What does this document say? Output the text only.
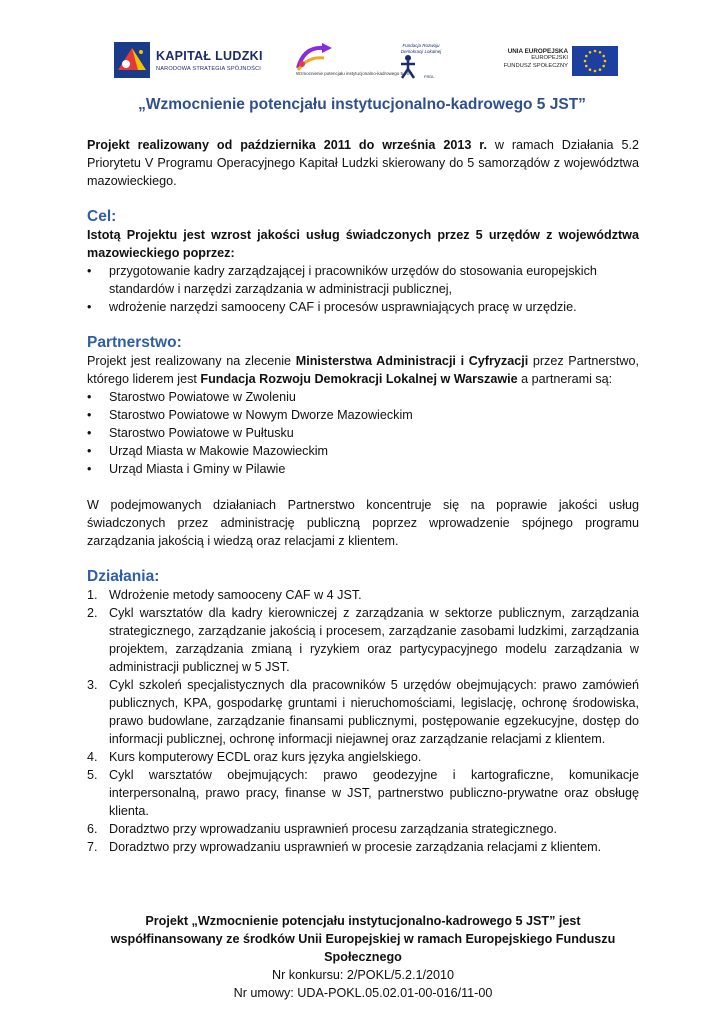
KAPITAŁ LUDZKI
NARODOWA STRATEGIA SPÓJNOŚCI
Wzmocnienie potencjału instytucjonalno-kadrowego 5 JST
Fundacja Rozwoju Demokracji Lokalnej
FRDL
UNIA EUROPEJSKA
EUROPEJSKI
FUNDUSZ SPOŁECZNY
„Wzmocnienie potencjału instytucjonalno-kadrowego 5 JST”

Projekt realizowany od października 2011 do września 2013 r. w ramach Działania 5.2 Priorytetu V Programu Operacyjnego Kapitał Ludzki skierowany do 5 samorządów z województwa mazowieckiego.

Cel:

Istotą Projektu jest wzrost jakości usług świadczonych przez 5 urzędów z województwa mazowieckiego poprzez:

• przygotowanie kadry zarządzającej i pracowników urzędów do stosowania europejskich standardów i narzędzi zarządzania w administracji publicznej,
• wdrożenie narzędzi samooceny CAF i procesów usprawniających pracę w urzędzie.
Partnerstwo:

Projekt jest realizowany na zlecenie Ministerstwa Administracji i Cyfryzacji przez Partnerstwo, którego liderem jest Fundacja Rozwoju Demokracji Lokalnej w Warszawie a partnerami są:

• Starostwo Powiatowe w Zwoleniu
• Starostwo Powiatowe w Nowym Dworze Mazowieckim
• Starostwo Powiatowe w Pułtusku
• Urząd Miasta w Makowie Mazowieckim
• Urząd Miasta i Gminy w Pilawie

W podejmowanych działaniach Partnerstwo koncentruje się na poprawie jakości usług świadczonych przez administrację publiczną poprzez wprowadzenie spójnego programu zarządzania jakością i wiedzą oraz relacjami z klientem.

Działania:
1. Wdrożenie metody samooceny CAF w 4 JST.
2. Cykl warsztatów dla kadry kierowniczej z zarządzania w sektorze publicznym, zarządzania strategicznego, zarządzanie jakością i procesem, zarządzanie zasobami ludzkimi, zarządzania projektem, zarządzania zmianą i ryzykiem oraz partycypacyjnego modelu zarządzania w administracji publicznej w 5 JST.
3. Cykl szkoleń specjalistycznych dla pracowników 5 urzędów obejmujących: prawo zamówień publicznych, KPA, gospodarkę gruntami i nieruchomościami, legislację, ochronę środowiska, prawo budowlane, zarządzanie finansami publicznymi, postępowanie egzekucyjne, dostęp do informacji publicznej, ochronę informacji niejawnej oraz zarządzanie relacjami z klientem.
4. Kurs komputerowy ECDL oraz kurs języka angielskiego.
5. Cykl warsztatów obejmujących: prawo geodezyjne i kartograficzne, komunikacje interpersonalną, prawo pracy, finanse w JST, partnerstwo publiczno-prywatne oraz obsługę klienta.
6. Doradztwo przy wprowadzaniu usprawnień procesu zarządzania strategicznego.
7. Doradztwo przy wprowadzaniu usprawnień w procesie zarządzania relacjami z klientem.
Projekt „Wzmocnienie potencjału instytucjonalno-kadrowego 5 JST” jest
współfinansowany ze środków Unii Europejskiej w ramach Europejskiego Funduszu
Społecznego
Nr konkursu: 2/POKL/5.2.1/2010
Nr umowy: UDA-POKL.05.02.01-00-016/11-00
